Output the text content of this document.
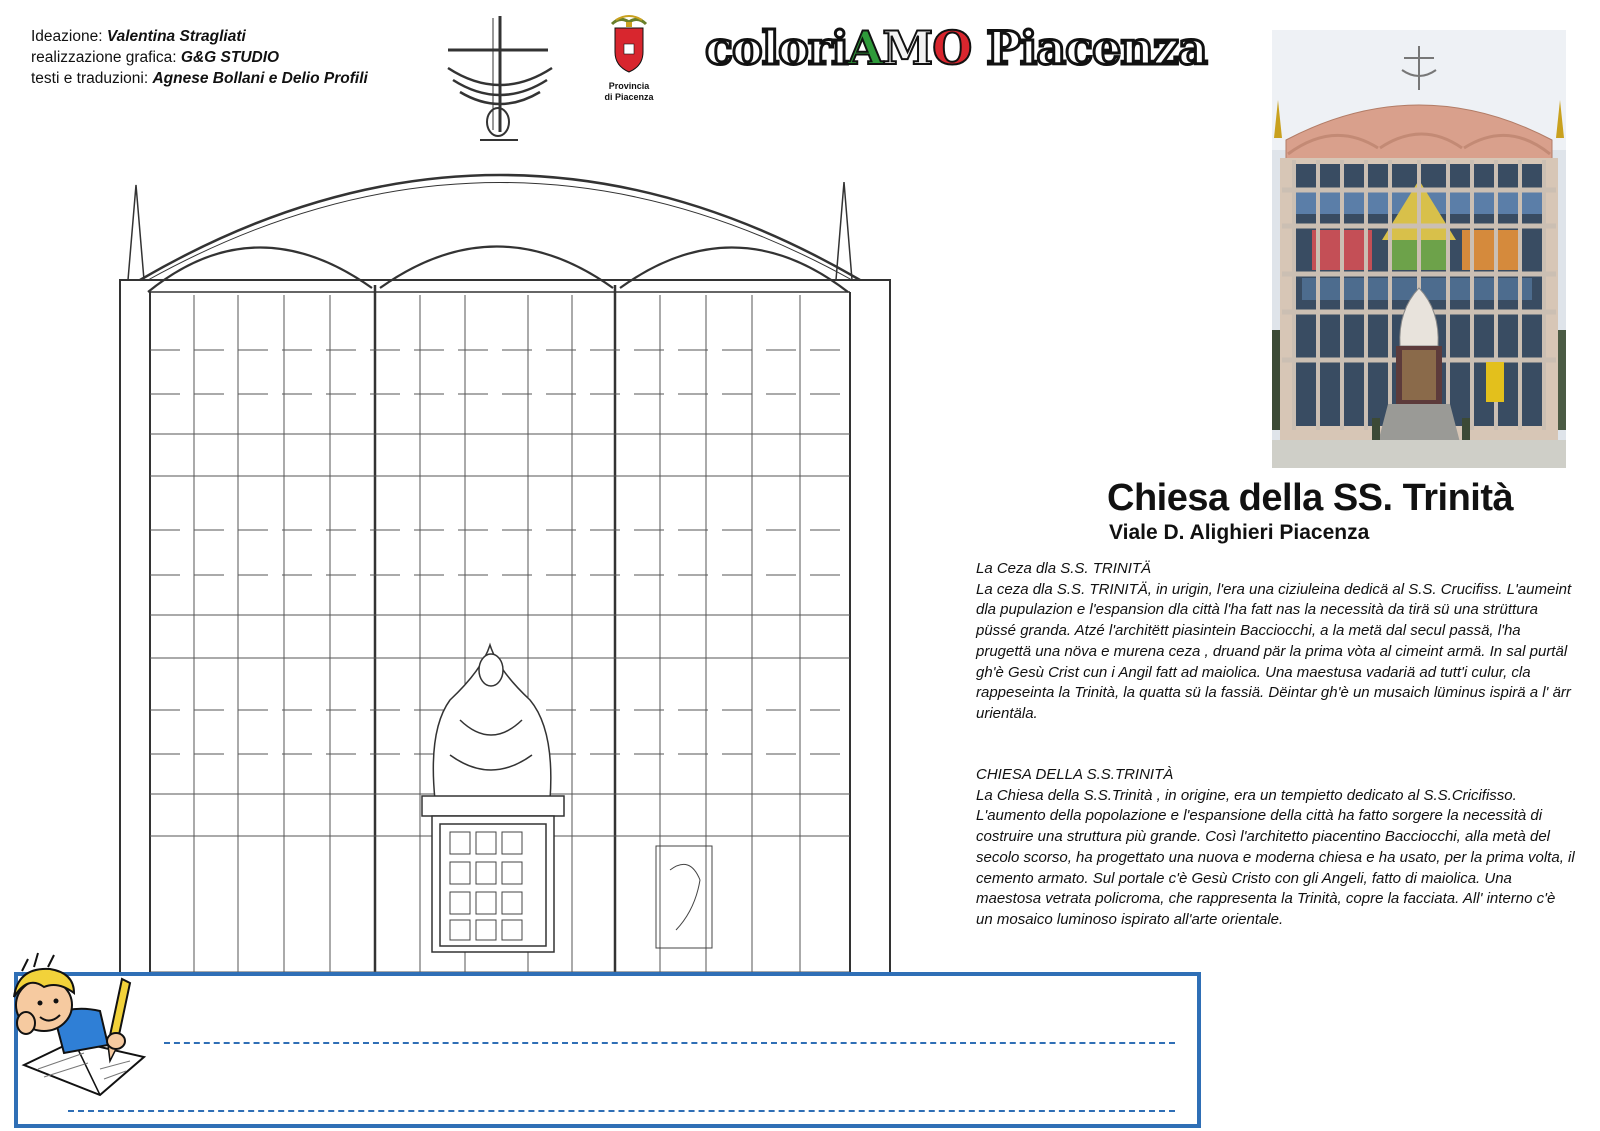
Ideazione: Valentina Stragliati
realizzazione grafica: G&G STUDIO
testi e traduzioni: Agnese Bollani e Delio Profili	Provincia
di Piacenza
coloriAMO Piacenza
Chiesa della SS. Trinità
Viale D. Alighieri Piacenza

La Ceza dla S.S. TRINITÄ

La ceza dla S.S. TRINITÄ, in urigin, l'era una ciziuleina dedicä al S.S. Crucifiss. L'aumeint dla pupulazion e l'espansion dla città l'ha fatt nas la necessità da tirä sü una strüttura püssé granda. Atzé l'architëtt piasintein Bacciocchi, a la metä dal secul passä, l'ha prugettä una növa e murena ceza , druand pär la prima vòta al cimeint armä. In sal purtäl gh'è Gesù Crist cun i Angil fatt ad maiolica. Una maestusa vadariä ad tutt'i culur, cla rappeseinta la Trinità, la quatta sü la fassiä. Dëintar gh'è un musaich lüminus ispirä a l' ärr urientäla.

CHIESA DELLA S.S.TRINITÀ

La Chiesa della S.S.Trinità , in origine, era un tempietto dedicato al S.S.Cricifisso. L'aumento della popolazione e l'espansione della città ha fatto sorgere la necessità di costruire una struttura più grande. Così l'architetto piacentino Bacciocchi, alla metà del secolo scorso, ha progettato una nuova e moderna chiesa e ha usato, per la prima volta, il cemento armato. Sul portale c'è Gesù Cristo con gli Angeli, fatto di maiolica. Una maestosa vetrata policroma, che rappresenta la Trinità, copre la facciata. All' interno c'è un mosaico luminoso ispirato all'arte orientale.
